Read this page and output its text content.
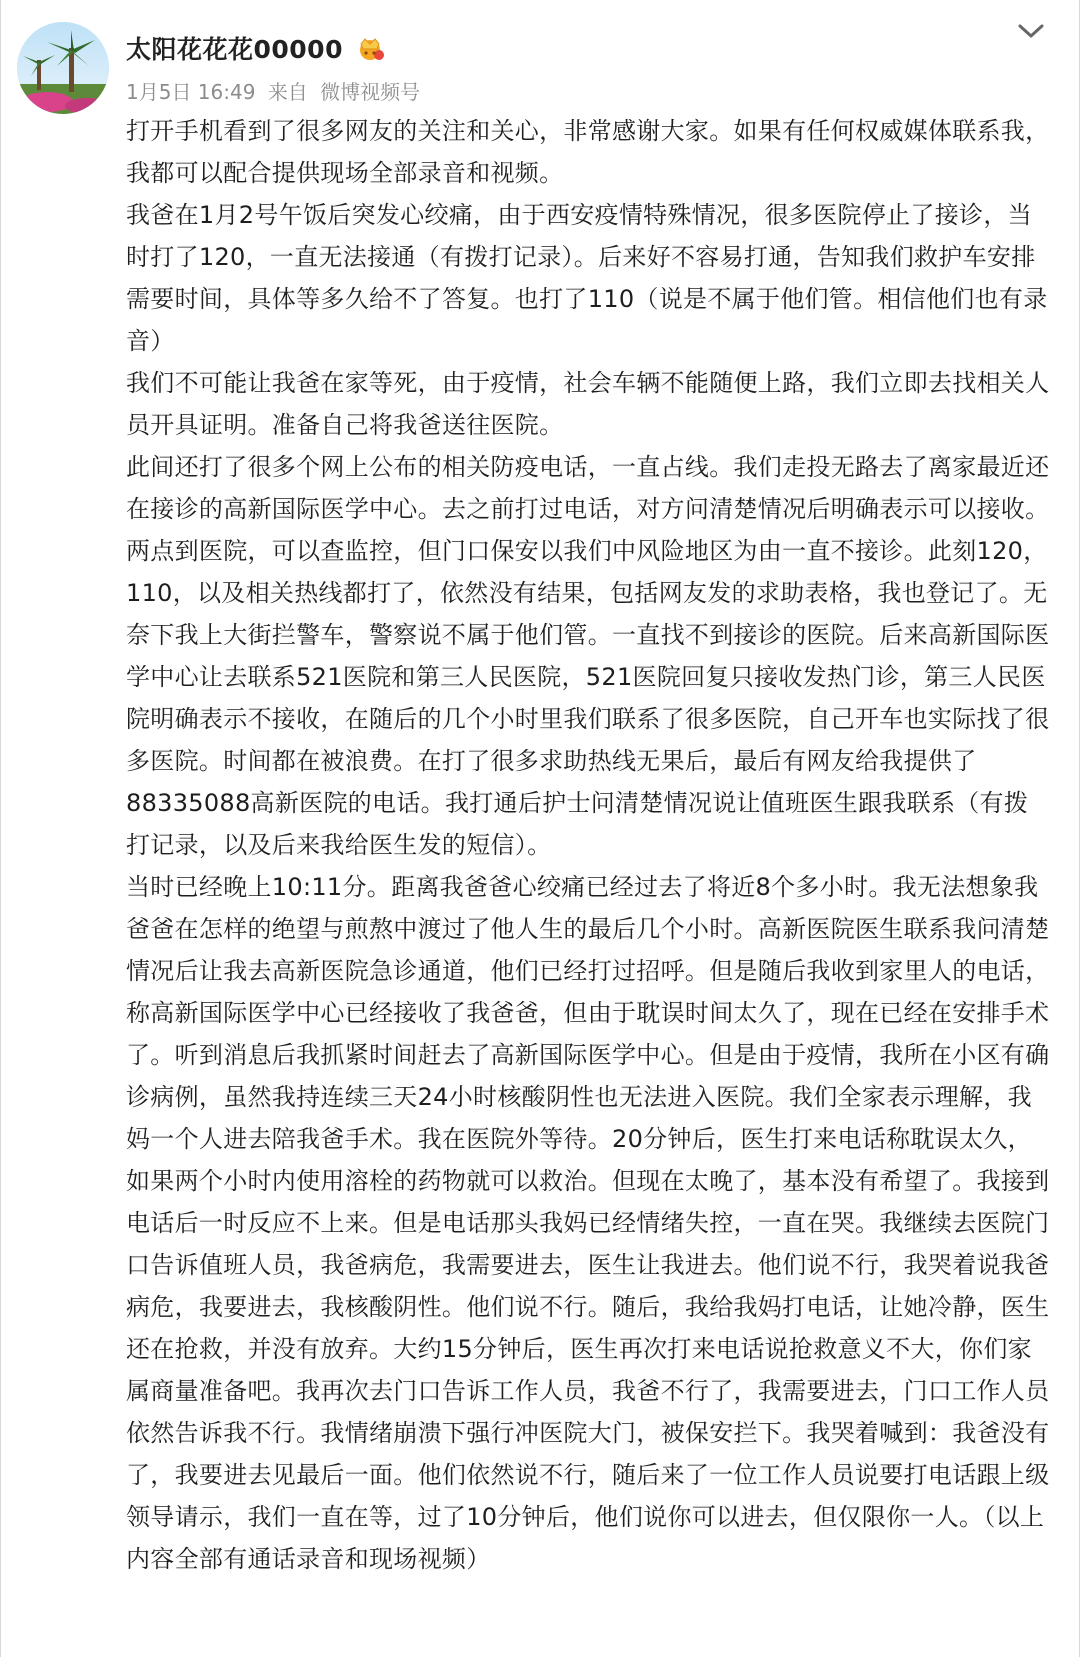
太阳花花花00000
1月5日 16:49 来自 微博视频号

打开手机看到了很多网友的关注和关心，非常感谢大家。如果有任何权威媒体联系我，我都可以配合提供现场全部录音和视频。

我爸在1月2号午饭后突发心绞痛，由于西安疫情特殊情况，很多医院停止了接诊，当时打了120，一直无法接通（有拨打记录）。后来好不容易打通，告知我们救护车安排需要时间，具体等多久给不了答复。也打了110（说是不属于他们管。相信他们也有录音）

我们不可能让我爸在家等死，由于疫情，社会车辆不能随便上路，我们立即去找相关人员开具证明。准备自己将我爸送往医院。

此间还打了很多个网上公布的相关防疫电话，一直占线。我们走投无路去了离家最近还在接诊的高新国际医学中心。去之前打过电话，对方问清楚情况后明确表示可以接收。两点到医院，可以查监控，但门口保安以我们中风险地区为由一直不接诊。此刻120，110，以及相关热线都打了，依然没有结果，包括网友发的求助表格，我也登记了。无奈下我上大街拦警车，警察说不属于他们管。一直找不到接诊的医院。后来高新国际医学中心让去联系521医院和第三人民医院，521医院回复只接收发热门诊，第三人民医院明确表示不接收，在随后的几个小时里我们联系了很多医院，自己开车也实际找了很多医院。时间都在被浪费。在打了很多求助热线无果后，最后有网友给我提供了88335088高新医院的电话。我打通后护士问清楚情况说让值班医生跟我联系（有拨打记录，以及后来我给医生发的短信）。

当时已经晚上10:11分。距离我爸爸心绞痛已经过去了将近8个多小时。我无法想象我爸爸在怎样的绝望与煎熬中渡过了他人生的最后几个小时。高新医院医生联系我问清楚情况后让我去高新医院急诊通道，他们已经打过招呼。但是随后我收到家里人的电话，称高新国际医学中心已经接收了我爸爸，但由于耽误时间太久了，现在已经在安排手术了。听到消息后我抓紧时间赶去了高新国际医学中心。但是由于疫情，我所在小区有确诊病例，虽然我持连续三天24小时核酸阴性也无法进入医院。我们全家表示理解，我妈一个人进去陪我爸手术。我在医院外等待。20分钟后，医生打来电话称耽误太久，如果两个小时内使用溶栓的药物就可以救治。但现在太晚了，基本没有希望了。我接到电话后一时反应不上来。但是电话那头我妈已经情绪失控，一直在哭。我继续去医院门口告诉值班人员，我爸病危，我需要进去，医生让我进去。他们说不行，我哭着说我爸病危，我要进去，我核酸阴性。他们说不行。随后，我给我妈打电话，让她冷静，医生还在抢救，并没有放弃。大约15分钟后，医生再次打来电话说抢救意义不大，你们家属商量准备吧。我再次去门口告诉工作人员，我爸不行了，我需要进去，门口工作人员依然告诉我不行。我情绪崩溃下强行冲医院大门，被保安拦下。我哭着喊到：我爸没有了，我要进去见最后一面。他们依然说不行，随后来了一位工作人员说要打电话跟上级领导请示，我们一直在等，过了10分钟后，他们说你可以进去，但仅限你一人。（以上内容全部有通话录音和现场视频）
